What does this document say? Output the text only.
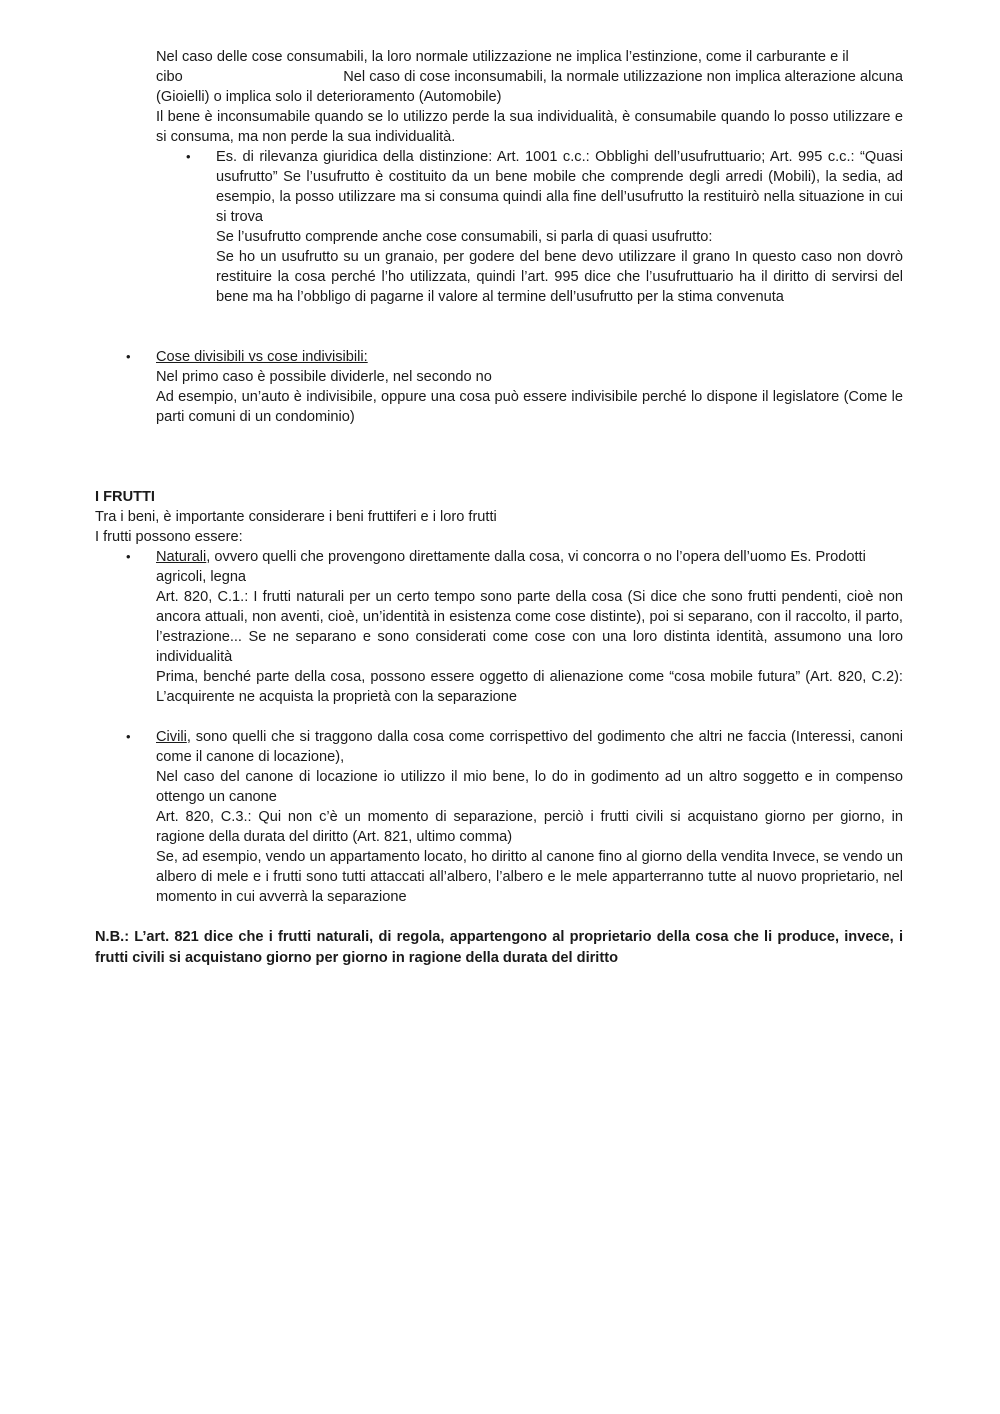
Nel caso delle cose consumabili, la loro normale utilizzazione ne implica l’estinzione, come il carburante e il

cibo	Nel caso di cose inconsumabili, la normale utilizzazione non implica alterazione alcuna

(Gioielli) o implica solo il deterioramento (Automobile)

Il bene è inconsumabile quando se lo utilizzo perde la sua individualità, è consumabile quando lo posso utilizzare e si consuma, ma non perde la sua individualità.

• Es. di rilevanza giuridica della distinzione: Art. 1001 c.c.: Obblighi dell’usufruttuario; Art. 995 c.c.: “Quasi usufrutto” Se l’usufrutto è costituito da un bene mobile che comprende degli arredi (Mobili), la sedia, ad esempio, la posso utilizzare ma si consuma quindi alla fine dell’usufrutto la restituirò nella situazione in cui si trova

Se l’usufrutto comprende anche cose consumabili, si parla di quasi usufrutto:

Se ho un usufrutto su un granaio, per godere del bene devo utilizzare il grano In questo caso non dovrò restituire la cosa perché l’ho utilizzata, quindi l’art. 995 dice che l’usufruttuario ha il diritto di servirsi del bene ma ha l’obbligo di pagarne il valore al termine dell’usufrutto per la stima convenuta

• Cose divisibili vs cose indivisibili:

Nel primo caso è possibile dividerle, nel secondo no

Ad esempio, un’auto è indivisibile, oppure una cosa può essere indivisibile perché lo dispone il legislatore (Come le parti comuni di un condominio)

I FRUTTI

Tra i beni, è importante considerare i beni fruttiferi e i loro frutti

I frutti possono essere:

• Naturali, ovvero quelli che provengono direttamente dalla cosa, vi concorra o no l’opera dell’uomo Es. Prodotti agricoli, legna

Art. 820, C.1.: I frutti naturali per un certo tempo sono parte della cosa (Si dice che sono frutti pendenti, cioè non ancora attuali, non aventi, cioè, un’identità in esistenza come cose distinte), poi si separano, con il raccolto, il parto, l’estrazione... Se ne separano e sono considerati come cose con una loro distinta identità, assumono una loro individualità

Prima, benché parte della cosa, possono essere oggetto di alienazione come “cosa mobile futura” (Art. 820, C.2): L’acquirente ne acquista la proprietà con la separazione

• Civili, sono quelli che si traggono dalla cosa come corrispettivo del godimento che altri ne faccia (Interessi, canoni come il canone di locazione),

Nel caso del canone di locazione io utilizzo il mio bene, lo do in godimento ad un altro soggetto e in compenso ottengo un canone

Art. 820, C.3.: Qui non c’è un momento di separazione, perciò i frutti civili si acquistano giorno per giorno, in ragione della durata del diritto (Art. 821, ultimo comma)

Se, ad esempio, vendo un appartamento locato, ho diritto al canone fino al giorno della vendita Invece, se vendo un albero di mele e i frutti sono tutti attaccati all’albero, l’albero e le mele apparterranno tutte al nuovo proprietario, nel momento in cui avverrà la separazione

N.B.: L’art. 821 dice che i frutti naturali, di regola, appartengono al proprietario della cosa che li produce, invece, i frutti civili si acquistano giorno per giorno in ragione della durata del diritto
